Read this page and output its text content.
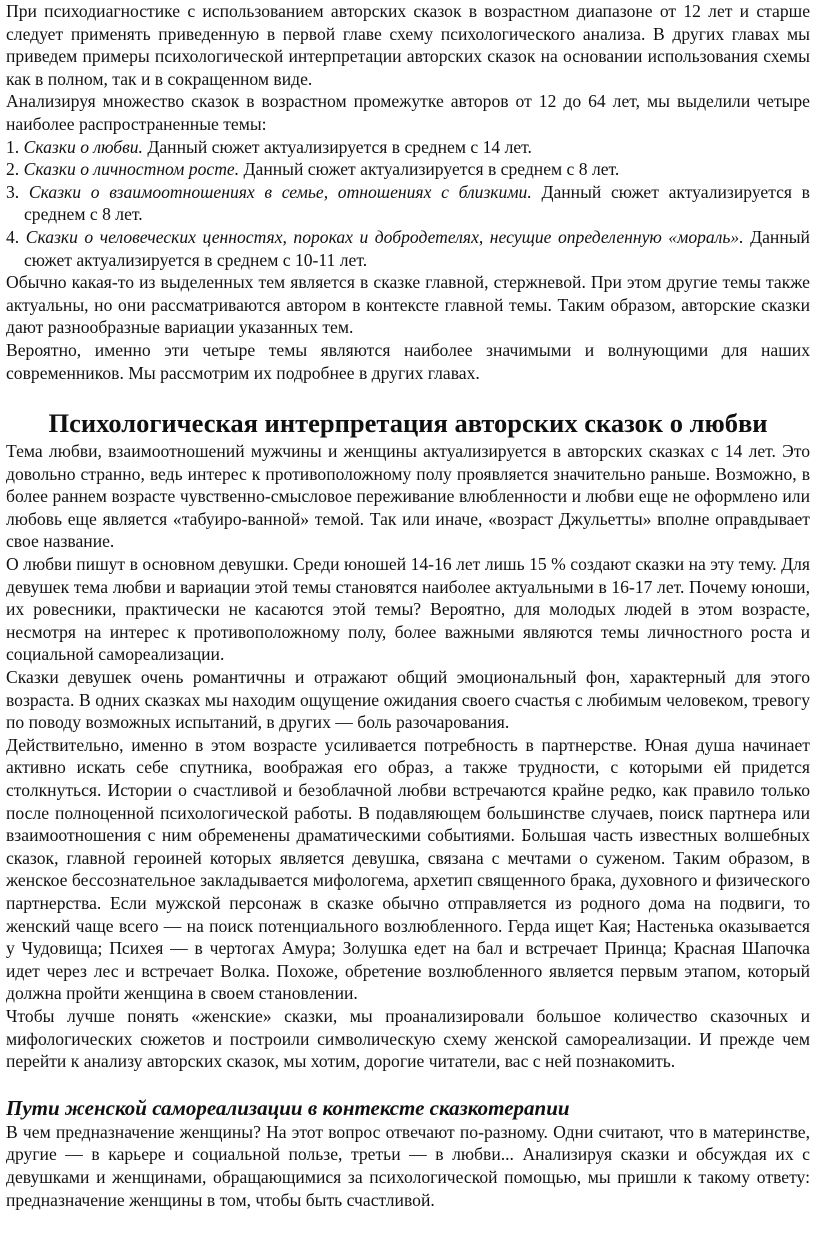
При психодиагностике с использованием авторских сказок в возрастном диапазоне от 12 лет и старше следует применять приведенную в первой главе схему психологического анализа. В других главах мы приведем примеры психологической интерпретации авторских сказок на основании использования схемы как в полном, так и в сокращенном виде.

Анализируя множество сказок в возрастном промежутке авторов от 12 до 64 лет, мы выделили четыре наиболее распространенные темы:

1. Сказки о любви. Данный сюжет актуализируется в среднем с 14 лет.
2. Сказки о личностном росте. Данный сюжет актуализируется в среднем с 8 лет.
3. Сказки о взаимоотношениях в семье, отношениях с близкими. Данный сюжет актуализируется в среднем с 8 лет.
4. Сказки о человеческих ценностях, пороках и добродетелях, несущие определенную «мораль». Данный сюжет актуализируется в среднем с 10-11 лет.

Обычно какая-то из выделенных тем является в сказке главной, стержневой. При этом другие темы также актуальны, но они рассматриваются автором в контексте главной темы. Таким образом, авторские сказки дают разнообразные вариации указанных тем.

Вероятно, именно эти четыре темы являются наиболее значимыми и волнующими для наших современников. Мы рассмотрим их подробнее в других главах.

Психологическая интерпретация авторских сказок о любви

Тема любви, взаимоотношений мужчины и женщины актуализируется в авторских сказках с 14 лет. Это довольно странно, ведь интерес к противоположному полу проявляется значительно раньше. Возможно, в более раннем возрасте чувственно-смысловое переживание влюбленности и любви еще не оформлено или любовь еще является «табуиро-ванной» темой. Так или иначе, «возраст Джульетты» вполне оправдывает свое название.

О любви пишут в основном девушки. Среди юношей 14-16 лет лишь 15 % создают сказки на эту тему. Для девушек тема любви и вариации этой темы становятся наиболее актуальными в 16-17 лет. Почему юноши, их ровесники, практически не касаются этой темы? Вероятно, для молодых людей в этом возрасте, несмотря на интерес к противоположному полу, более важными являются темы личностного роста и социальной самореализации.

Сказки девушек очень романтичны и отражают общий эмоциональный фон, характерный для этого возраста. В одних сказках мы находим ощущение ожидания своего счастья с любимым человеком, тревогу по поводу возможных испытаний, в других — боль разочарования.

Действительно, именно в этом возрасте усиливается потребность в партнерстве. Юная душа начинает активно искать себе спутника, воображая его образ, а также трудности, с которыми ей придется столкнуться. Истории о счастливой и безоблачной любви встречаются крайне редко, как правило только после полноценной психологической работы. В подавляющем большинстве случаев, поиск партнера или взаимоотношения с ним обременены драматическими событиями. Большая часть известных волшебных сказок, главной героиней которых является девушка, связана с мечтами о суженом. Таким образом, в женское бессознательное закладывается мифологема, архетип священного брака, духовного и физического партнерства. Если мужской персонаж в сказке обычно отправляется из родного дома на подвиги, то женский чаще всего — на поиск потенциального возлюбленного. Герда ищет Кая; Настенька оказывается у Чудовища; Психея — в чертогах Амура; Золушка едет на бал и встречает Принца; Красная Шапочка идет через лес и встречает Волка. Похоже, обретение возлюбленного является первым этапом, который должна пройти женщина в своем становлении.

Чтобы лучше понять «женские» сказки, мы проанализировали большое количество сказочных и мифологических сюжетов и построили символическую схему женской самореализации. И прежде чем перейти к анализу авторских сказок, мы хотим, дорогие читатели, вас с ней познакомить.

Пути женской самореализации в контексте сказкотерапии

В чем предназначение женщины? На этот вопрос отвечают по-разному. Одни считают, что в материнстве, другие — в карьере и социальной пользе, третьи — в любви... Анализируя сказки и обсуждая их с девушками и женщинами, обращающимися за психологической помощью, мы пришли к такому ответу: предназначение женщины в том, чтобы быть счастливой.
